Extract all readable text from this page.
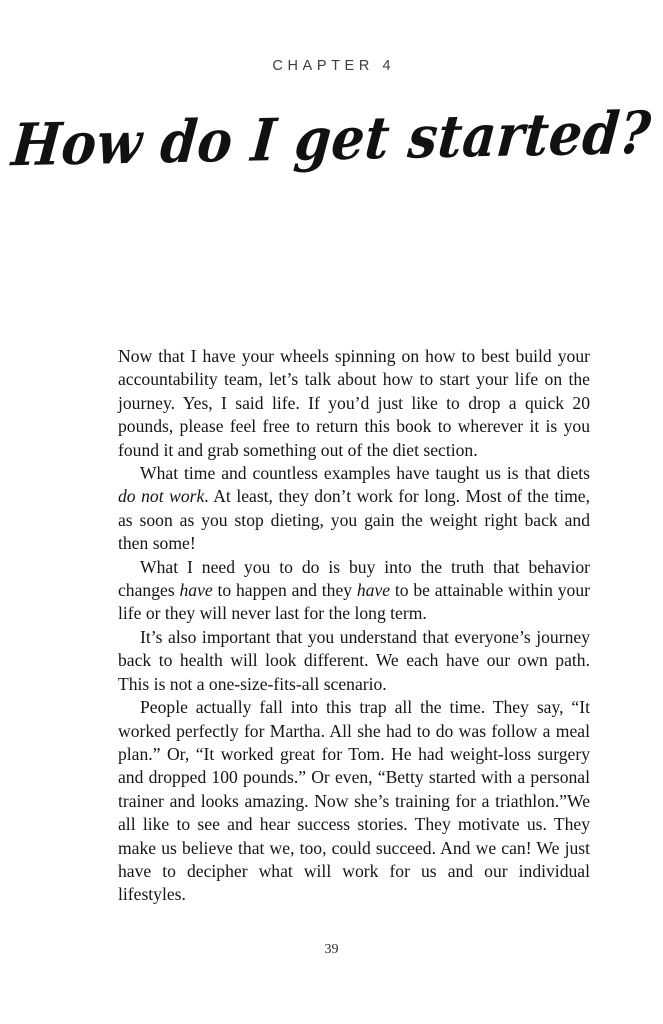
CHAPTER 4
How do I get started?

Now that I have your wheels spinning on how to best build your accountability team, let’s talk about how to start your life on the journey. Yes, I said life. If you’d just like to drop a quick 20 pounds, please feel free to return this book to wherever it is you found it and grab something out of the diet section.

What time and countless examples have taught us is that diets do not work. At least, they don’t work for long. Most of the time, as soon as you stop dieting, you gain the weight right back and then some!

What I need you to do is buy into the truth that behavior changes have to happen and they have to be attainable within your life or they will never last for the long term.

It’s also important that you understand that everyone’s journey back to health will look different. We each have our own path. This is not a one-size-fits-all scenario.

People actually fall into this trap all the time. They say, “It worked perfectly for Martha. All she had to do was follow a meal plan.” Or, “It worked great for Tom. He had weight-loss surgery and dropped 100 pounds.” Or even, “Betty started with a personal trainer and looks amazing. Now she’s training for a triathlon.”We all like to see and hear success stories. They motivate us. They make us believe that we, too, could succeed. And we can! We just have to decipher what will work for us and our individual lifestyles.

39
